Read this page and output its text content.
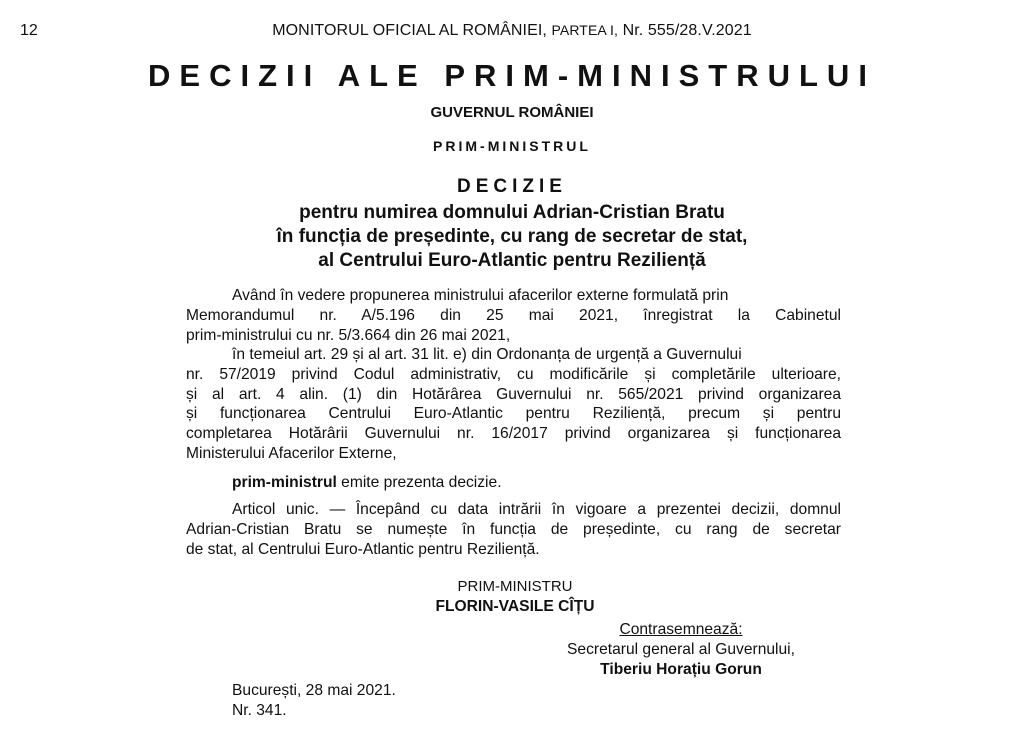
12	MONITORUL OFICIAL AL ROMÂNIEI, PARTEA I, Nr. 555/28.V.2021
DECIZII ALE PRIM-MINISTRULUI
GUVERNUL ROMÂNIEI
PRIM-MINISTRUL
DECIZIE
pentru numirea domnului Adrian-Cristian Bratu
în funcția de președinte, cu rang de secretar de stat,
al Centrului Euro-Atlantic pentru Reziliență
Având în vedere propunerea ministrului afacerilor externe formulată prin
Memorandumul nr. A/5.196 din 25 mai 2021, înregistrat la Cabinetul
prim-ministrului cu nr. 5/3.664 din 26 mai 2021,
în temeiul art. 29 și al art. 31 lit. e) din Ordonanța de urgență a Guvernului
nr. 57/2019 privind Codul administrativ, cu modificările și completările ulterioare,
și al art. 4 alin. (1) din Hotărârea Guvernului nr. 565/2021 privind organizarea
și funcționarea Centrului Euro-Atlantic pentru Reziliență, precum și pentru
completarea Hotărârii Guvernului nr. 16/2017 privind organizarea și funcționarea
Ministerului Afacerilor Externe,
prim-ministrul emite prezenta decizie.
Articol unic. — Începând cu data intrării în vigoare a prezentei decizii, domnul
Adrian-Cristian Bratu se numește în funcția de președinte, cu rang de secretar
de stat, al Centrului Euro-Atlantic pentru Reziliență.
PRIM-MINISTRU
FLORIN-VASILE CÎȚU
Contrasemnează:
Secretarul general al Guvernului,
Tiberiu Horațiu Gorun
București, 28 mai 2021.
Nr. 341.
